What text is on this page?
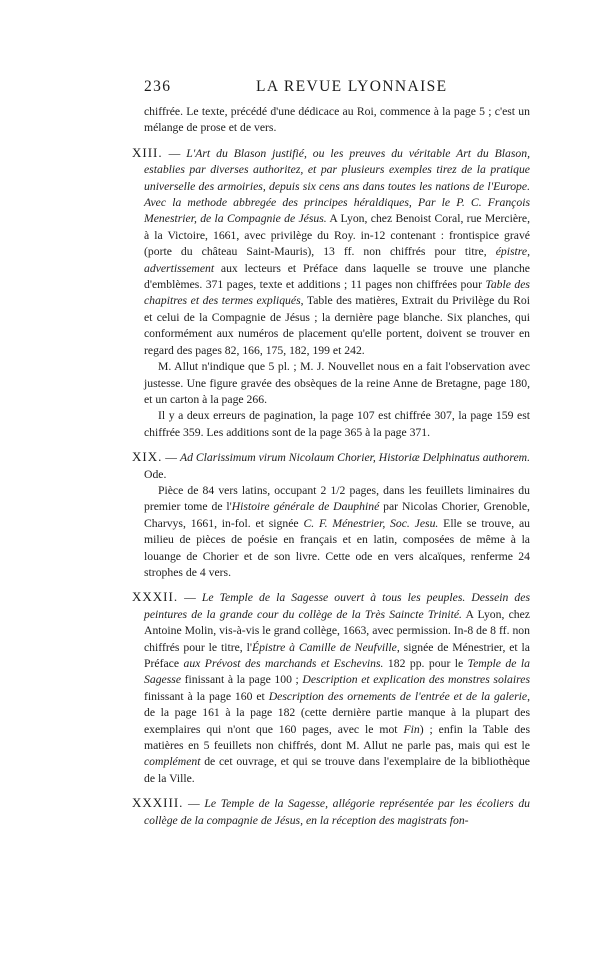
236	LA REVUE LYONNAISE

chiffrée. Le texte, précédé d'une dédicace au Roi, commence à la page 5 ; c'est un mélange de prose et de vers.

XIII. — L'Art du Blason justifié, ou les preuves du véritable Art du Blason, establies par diverses authoritez, et par plusieurs exemples tirez de la pratique universelle des armoiries, depuis six cens ans dans toutes les nations de l'Europe. Avec la methode abbregée des principes héraldiques, Par le P. C. François Menestrier, de la Compagnie de Jésus. A Lyon, chez Benoist Coral, rue Mercière, à la Victoire, 1661, avec privilège du Roy. in-12 contenant : frontispice gravé (porte du château Saint-Mauris), 13 ff. non chiffrés pour titre, épistre, advertissement aux lecteurs et Préface dans laquelle se trouve une planche d'emblèmes. 371 pages, texte et additions ; 11 pages non chiffrées pour Table des chapitres et des termes expliqués, Table des matières, Extrait du Privilège du Roi et celui de la Compagnie de Jésus ; la dernière page blanche. Six planches, qui conformément aux numéros de placement qu'elle portent, doivent se trouver en regard des pages 82, 166, 175, 182, 199 et 242.

M. Allut n'indique que 5 pl. ; M. J. Nouvellet nous en a fait l'observation avec justesse. Une figure gravée des obsèques de la reine Anne de Bretagne, page 180, et un carton à la page 266.

Il y a deux erreurs de pagination, la page 107 est chiffrée 307, la page 159 est chiffrée 359. Les additions sont de la page 365 à la page 371.

XIX. — Ad Clarissimum virum Nicolaum Chorier, Historiæ Delphinatus authorem. Ode.

Pièce de 84 vers latins, occupant 2 1/2 pages, dans les feuillets liminaires du premier tome de l'Histoire générale de Dauphiné par Nicolas Chorier, Grenoble, Charvys, 1661, in-fol. et signée C. F. Ménestrier, Soc. Jesu. Elle se trouve, au milieu de pièces de poésie en français et en latin, composées de même à la louange de Chorier et de son livre. Cette ode en vers alcaïques, renferme 24 strophes de 4 vers.

XXXII. — Le Temple de la Sagesse ouvert à tous les peuples. Dessein des peintures de la grande cour du collège de la Très Saincte Trinité. A Lyon, chez Antoine Molin, vis-à-vis le grand collège, 1663, avec permission. In-8 de 8 ff. non chiffrés pour le titre, l'Épistre à Camille de Neufville, signée de Ménestrier, et la Préface aux Prévost des marchands et Eschevins. 182 pp. pour le Temple de la Sagesse finissant à la page 100 ; Description et explication des monstres solaires finissant à la page 160 et Description des ornements de l'entrée et de la galerie, de la page 161 à la page 182 (cette dernière partie manque à la plupart des exemplaires qui n'ont que 160 pages, avec le mot Fin) ; enfin la Table des matières en 5 feuillets non chiffrés, dont M. Allut ne parle pas, mais qui est le complément de cet ouvrage, et qui se trouve dans l'exemplaire de la bibliothèque de la Ville.

XXXIII. — Le Temple de la Sagesse, allégorie représentée par les écoliers du collège de la compagnie de Jésus, en la réception des magistrats fon-
